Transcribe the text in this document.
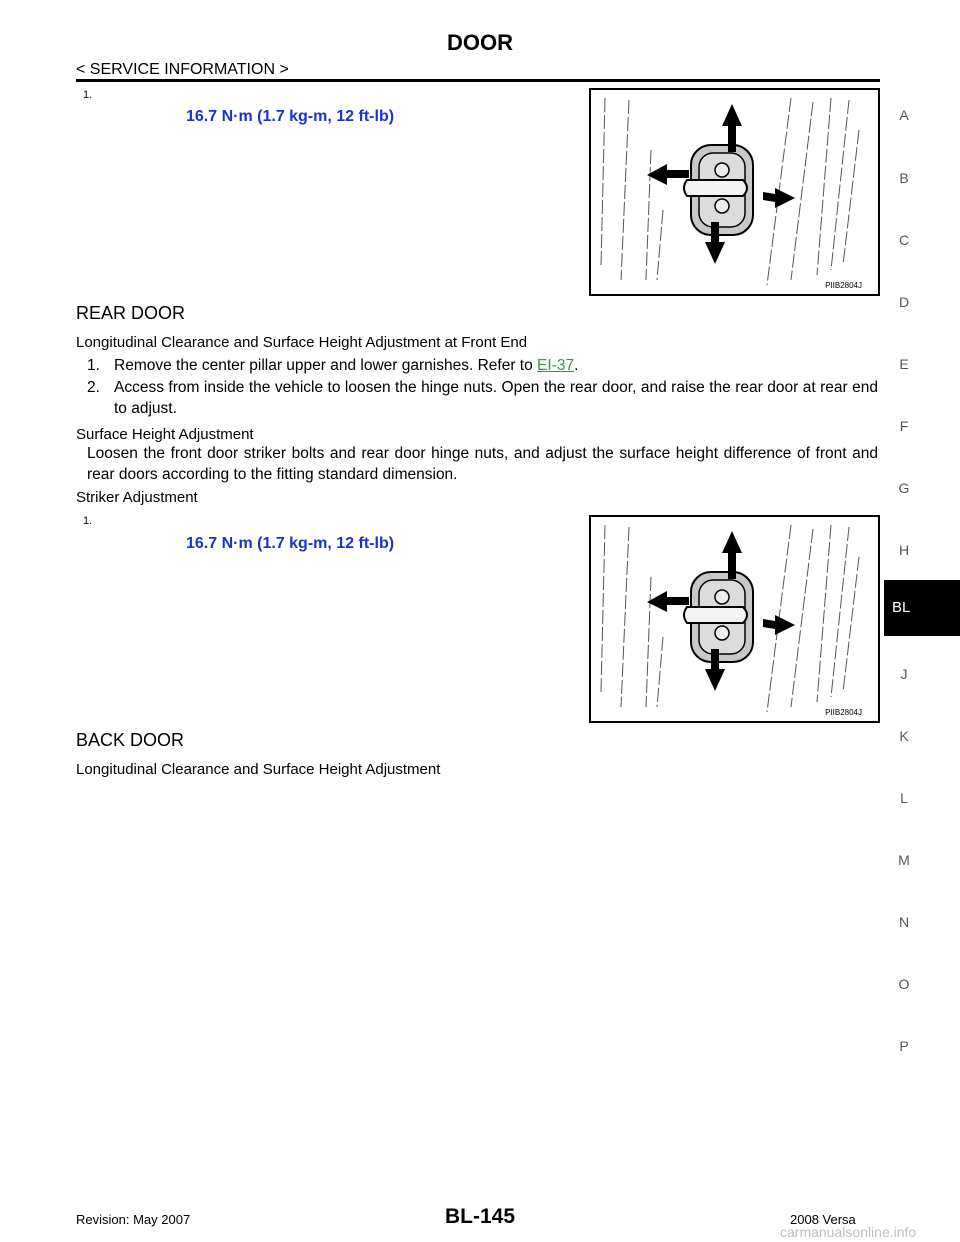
DOOR
< SERVICE INFORMATION >
1.
16.7 N·m (1.7 kg-m, 12 ft-lb)
PIIB2804J
REAR DOOR
Longitudinal Clearance and Surface Height Adjustment at Front End
1. Remove the center pillar upper and lower garnishes. Refer to EI-37.
2. Access from inside the vehicle to loosen the hinge nuts. Open the rear door, and raise the rear door at rear end to adjust.
Surface Height Adjustment
Loosen the front door striker bolts and rear door hinge nuts, and adjust the surface height difference of front and rear doors according to the fitting standard dimension.
Striker Adjustment
1.
16.7 N·m (1.7 kg-m, 12 ft-lb)
PIIB2804J
BACK DOOR
Longitudinal Clearance and Surface Height Adjustment
A
B
C
D
E
F
G
H
BL
J
K
L
M
N
O
P
Revision: May 2007	BL-145	2008 Versa
carmanualsonline.info
